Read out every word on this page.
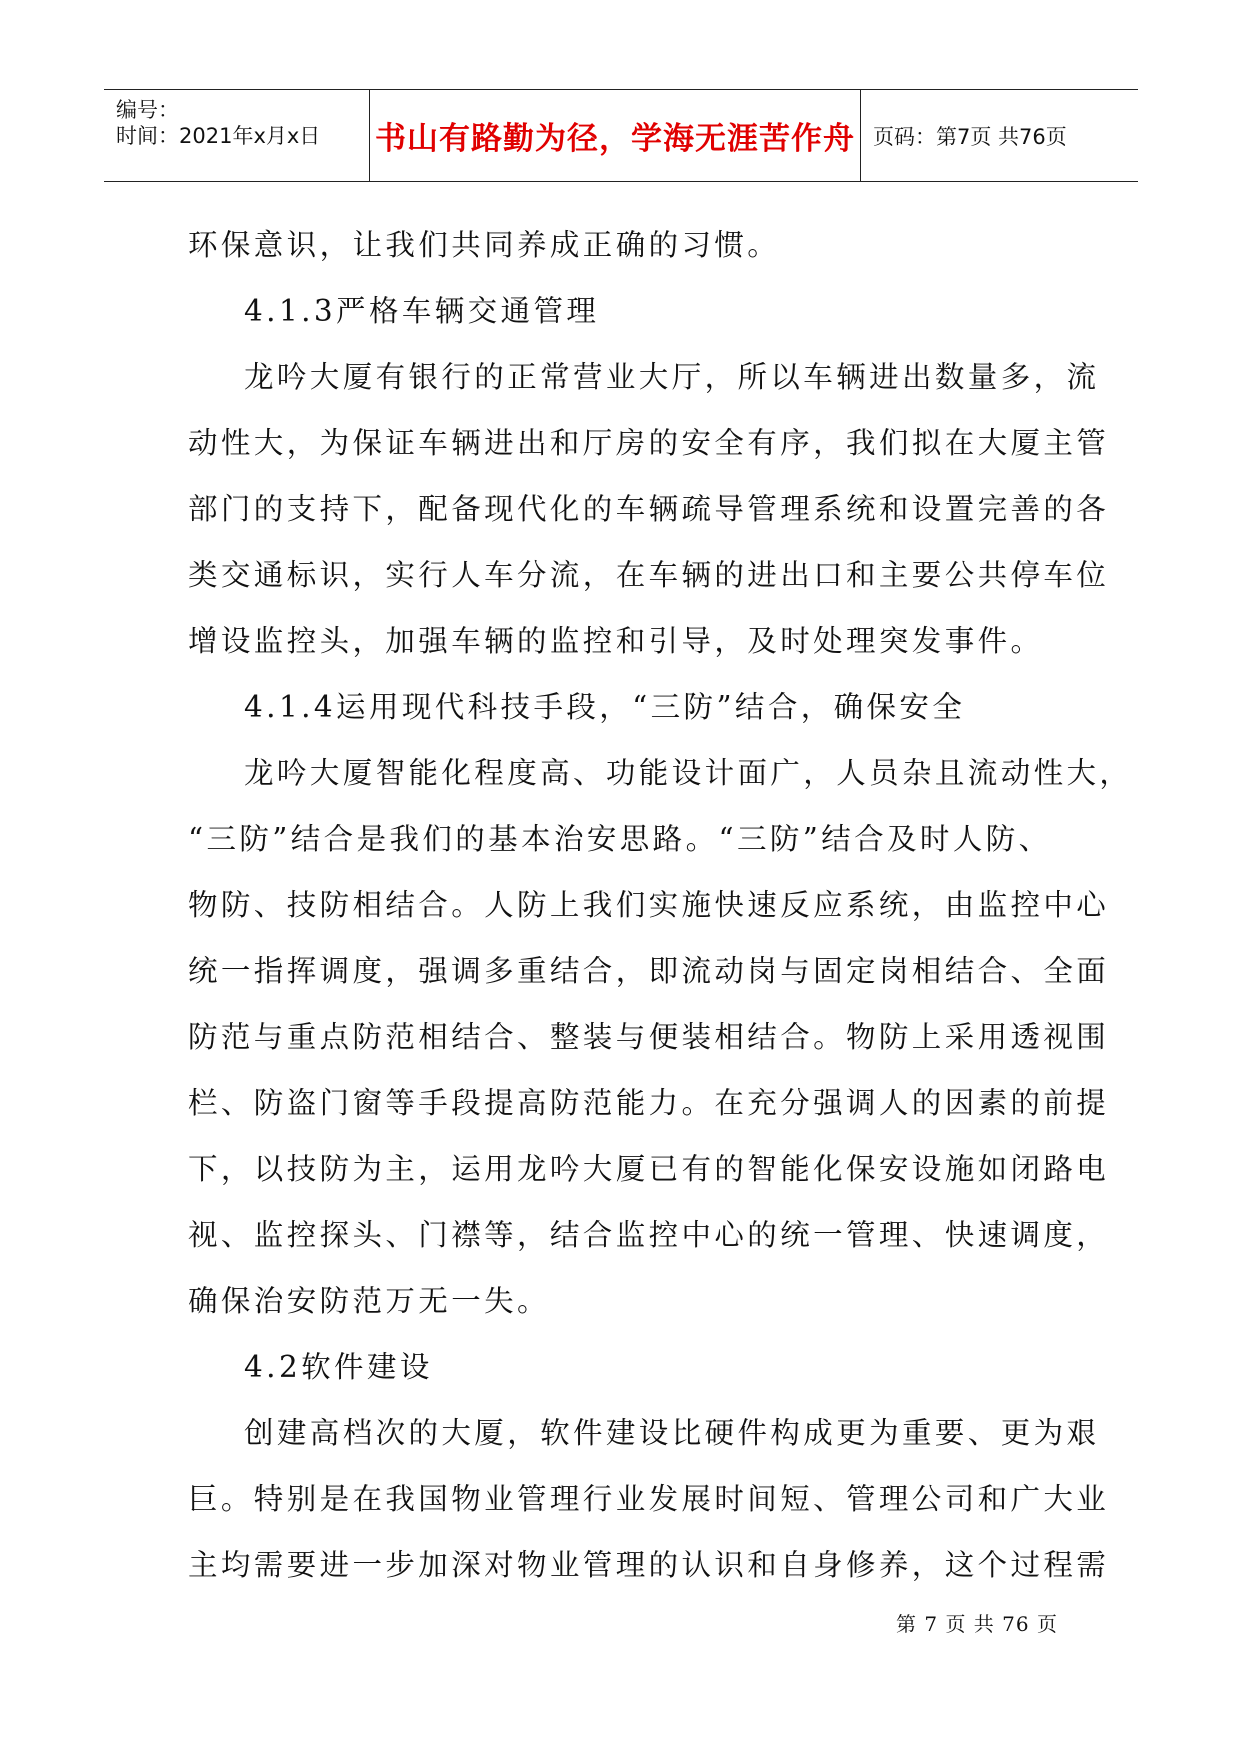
编号：
时间：2021年x月x日 书山有路勤为径，学海无涯苦作舟 页码：第7页 共76页
环保意识，让我们共同养成正确的习惯。
4.1.3严格车辆交通管理
龙吟大厦有银行的正常营业大厅，所以车辆进出数量多，流
动性大，为保证车辆进出和厅房的安全有序，我们拟在大厦主管
部门的支持下，配备现代化的车辆疏导管理系统和设置完善的各
类交通标识，实行人车分流，在车辆的进出口和主要公共停车位
增设监控头，加强车辆的监控和引导，及时处理突发事件。
4.1.4运用现代科技手段，“三防”结合，确保安全
龙吟大厦智能化程度高、功能设计面广，人员杂且流动性大，
“三防”结合是我们的基本治安思路。“三防”结合及时人防、
物防、技防相结合。人防上我们实施快速反应系统，由监控中心
统一指挥调度，强调多重结合，即流动岗与固定岗相结合、全面
防范与重点防范相结合、整装与便装相结合。物防上采用透视围
栏、防盗门窗等手段提高防范能力。在充分强调人的因素的前提
下，以技防为主，运用龙吟大厦已有的智能化保安设施如闭路电
视、监控探头、门襟等，结合监控中心的统一管理、快速调度，
确保治安防范万无一失。
4.2软件建设
创建高档次的大厦，软件建设比硬件构成更为重要、更为艰
巨。特别是在我国物业管理行业发展时间短、管理公司和广大业
主均需要进一步加深对物业管理的认识和自身修养，这个过程需
第 7 页 共 76 页
